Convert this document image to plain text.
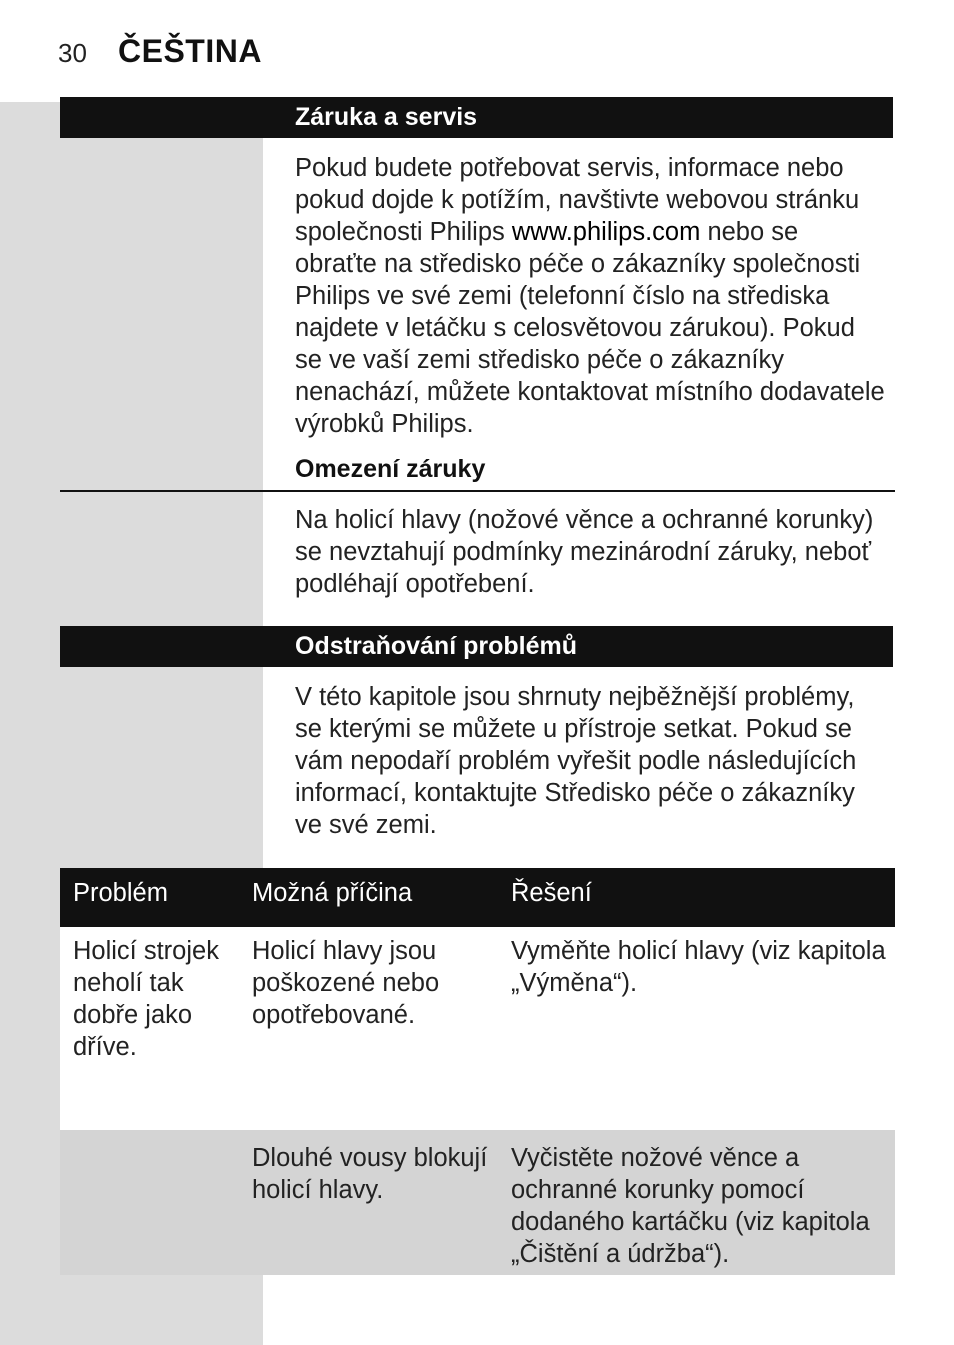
30 ČEŠTINA
Záruka a servis
Pokud budete potřebovat servis, informace nebo pokud dojde k potížím, navštivte webovou stránku společnosti Philips www.philips.com nebo se obraťte na středisko péče o zákazníky společnosti Philips ve své zemi (telefonní číslo na střediska najdete v letáčku s celosvětovou zárukou). Pokud se ve vaší zemi středisko péče o zákazníky nenachází, můžete kontaktovat místního dodavatele výrobků Philips.
Omezení záruky
Na holicí hlavy (nožové věnce a ochranné korunky) se nevztahují podmínky mezinárodní záruky, neboť podléhají opotřebení.
Odstraňování problémů
V této kapitole jsou shrnuty nejběžnější problémy, se kterými se můžete u přístroje setkat. Pokud se vám nepodaří problém vyřešit podle následujících informací, kontaktujte Středisko péče o zákazníky ve své zemi.
Problém	Možná příčina	Řešení
Holicí strojek neholí tak dobře jako dříve.
Holicí hlavy jsou poškozené nebo opotřebované.
Vyměňte holicí hlavy (viz kapitola „Výměna“).
Dlouhé vousy blokují holicí hlavy.
Vyčistěte nožové věnce a ochranné korunky pomocí dodaného kartáčku (viz kapitola „Čištění a údržba“).
